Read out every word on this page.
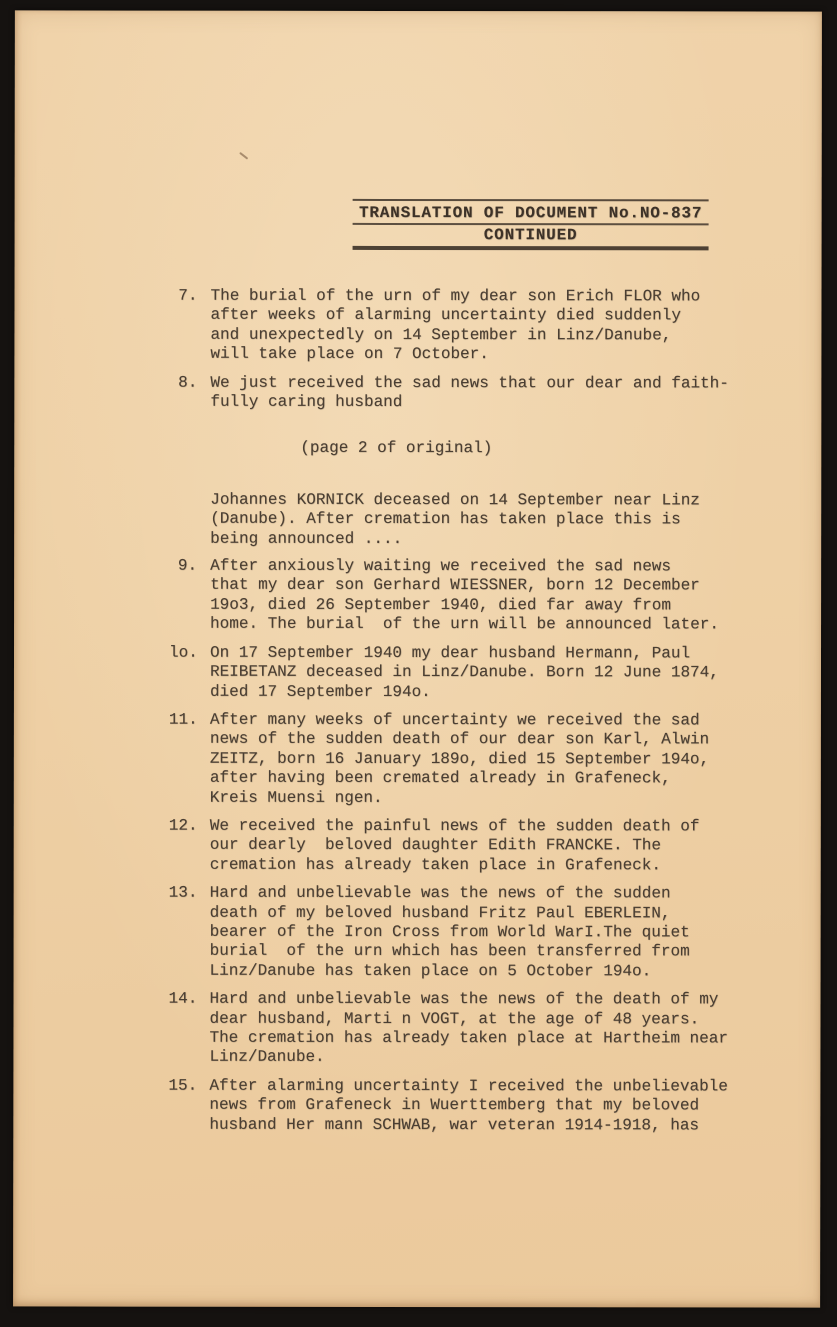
TRANSLATION OF DOCUMENT No.NO-837
CONTINUED
7. The burial of the urn of my dear son Erich FLOR who
after weeks of alarming uncertainty died suddenly
and unexpectedly on 14 September in Linz/Danube,
will take place on 7 October.
8. We just received the sad news that our dear and faith-
fully caring husband
(page 2 of original)
Johannes KORNICK deceased on 14 September near Linz
(Danube). After cremation has taken place this is
being announced ....
9. After anxiously waiting we received the sad news
that my dear son Gerhard WIESSNER, born 12 December
19o3, died 26 September 1940, died far away from
home. The burial  of the urn will be announced later.
lo. On 17 September 1940 my dear husband Hermann, Paul
REIBETANZ deceased in Linz/Danube. Born 12 June 1874,
died 17 September 194o.
11. After many weeks of uncertainty we received the sad
news of the sudden death of our dear son Karl, Alwin
ZEITZ, born 16 January 189o, died 15 September 194o,
after having been cremated already in Grafeneck,
Kreis Muensi ngen.
12. We received the painful news of the sudden death of
our dearly  beloved daughter Edith FRANCKE. The
cremation has already taken place in Grafeneck.
13. Hard and unbelievable was the news of the sudden
death of my beloved husband Fritz Paul EBERLEIN,
bearer of the Iron Cross from World WarI.The quiet
burial  of the urn which has been transferred from
Linz/Danube has taken place on 5 October 194o.
14. Hard and unbelievable was the news of the death of my
dear husband, Marti n VOGT, at the age of 48 years.
The cremation has already taken place at Hartheim near
Linz/Danube.
15. After alarming uncertainty I received the unbelievable
news from Grafeneck in Wuerttemberg that my beloved
husband Her mann SCHWAB, war veteran 1914-1918, has
